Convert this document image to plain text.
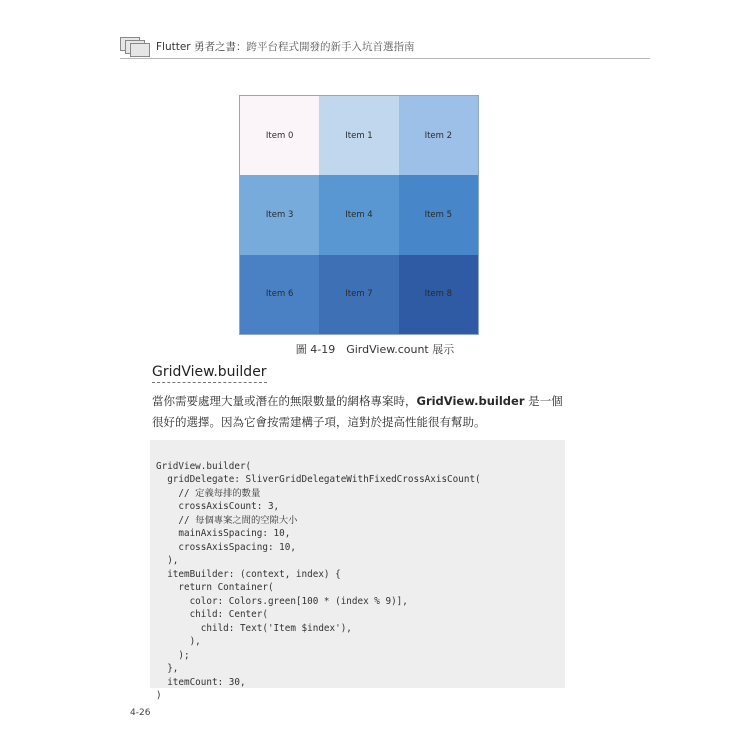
Flutter 勇者之書：跨平台程式開發的新手入坑首選指南
Item 0	Item 1	Item 2
Item 3	Item 4	Item 5
Item 6	Item 7	Item 8
圖 4-19　GirdView.count 展示
GridView.builder
當你需要處理大量或潛在的無限數量的網格專案時，GridView.builder 是一個很好的選擇。因為它會按需建構子項，這對於提高性能很有幫助。

GridView.builder(
gridDelegate: SliverGridDelegateWithFixedCrossAxisCount(
// 定義每排的數量
crossAxisCount: 3,
// 每個專案之間的空隙大小
mainAxisSpacing: 10,
crossAxisSpacing: 10,
),
itemBuilder: (context, index) {
return Container(
color: Colors.green[100 * (index % 9)],
child: Center(
child: Text('Item $index'),
),
);
},
itemCount: 30,
)

4-26
